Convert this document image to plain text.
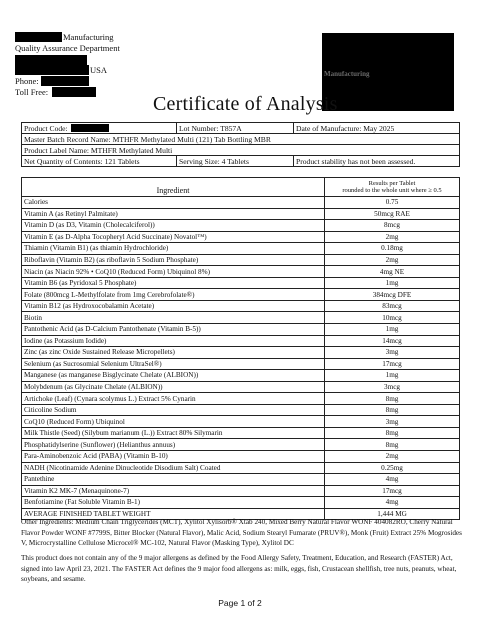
Manufacturing
Quality Assurance Department
USA
Phone:
Toll Free:
Manufacturing
Certificate of Analysis
Product Code:	Lot Number: T857A	Date of Manufacture: May 2025
Master Batch Record Name: MTHFR Methylated Multi (121) Tab Bottling MBR		
Product Label Name: MTHFR Methylated Multi		
Net Quantity of Contents: 121 Tablets	Serving Size: 4 Tablets	Product stability has not been assessed.
Ingredient	Results per Tablet
rounded to the whole unit where ≥ 0.5

Calories	0.75
Vitamin A (as Retinyl Palmitate)	50mcg RAE
Vitamin D (as D3, Vitamin (Cholecalciferol))	8mcg
Vitamin E (as D-Alpha Tocopheryl Acid Succinate) Novatol™)	2mg
Thiamin (Vitamin B1) (as thiamin Hydrochloride)	0.18mg
Riboflavin (Vitamin B2) (as riboflavin 5 Sodium Phosphate)	2mg
Niacin (as Niacin 92% • CoQ10 (Reduced Form) Ubiquinol 8%)	4mg NE
Vitamin B6 (as Pyridoxal 5 Phosphate)	1mg
Folate (800mcg L-Methylfolate from 1mg Cerebrofolate®)	384mcg DFE
Vitamin B12 (as Hydroxocobalamin Acetate)	83mcg
Biotin	10mcg
Pantothenic Acid (as D-Calcium Pantothenate (Vitamin B-5))	1mg
Iodine (as Potassium Iodide)	14mcg
Zinc (as zinc Oxide Sustained Release Micropellets)	3mg
Selenium (as Sucrosomial Selenium UltraSel®)	17mcg
Manganese (as manganese Bisglycinate Chelate (ALBION))	1mg
Molybdenum (as Glycinate Chelate (ALBION))	3mcg
Artichoke (Leaf) (Cynara scolymus L.) Extract 5% Cynarin	8mg
Citicoline Sodium	8mg
CoQ10 (Reduced Form) Ubiquinol	3mg
Milk Thistle (Seed) (Silybum marianum (L.)) Extract 80% Silymarin	8mg
Phosphatidylserine (Sunflower) (Helianthus annuus)	8mg
Para-Aminobenzoic Acid (PABA) (Vitamin B-10)	2mg
NADH (Nicotinamide Adenine Dinucleotide Disodium Salt) Coated	0.25mg
Pantethine	4mg
Vitamin K2 MK-7 (Menaquinone-7)	17mcg
Benfotiamine (Fat Soluble Vitamin B-1)	4mg
AVERAGE FINISHED TABLET WEIGHT	1,444 MG
Other Ingredients: Medium Chain Triglycerides (MCT), Xylitol Xylisorb® Xtab 240, Mixed Berry Natural Flavor WONF 404082RO, Cherry Natural Flavor Powder WONF #7799S, Bitter Blocker (Natural Flavor), Malic Acid, Sodium Stearyl Fumarate (PRUV®), Monk (Fruit) Extract 25% Mogrosides V, Microcrystalline Cellulose Microcel® MC-102, Natural Flavor (Masking Type), Xylitol DC
This product does not contain any of the 9 major allergens as defined by the Food Allergy Safety, Treatment, Education, and Research (FASTER) Act, signed into law April 23, 2021. The FASTER Act defines the 9 major food allergens as: milk, eggs, fish, Crustacean shellfish, tree nuts, peanuts, wheat, soybeans, and sesame.
Page 1 of 2
